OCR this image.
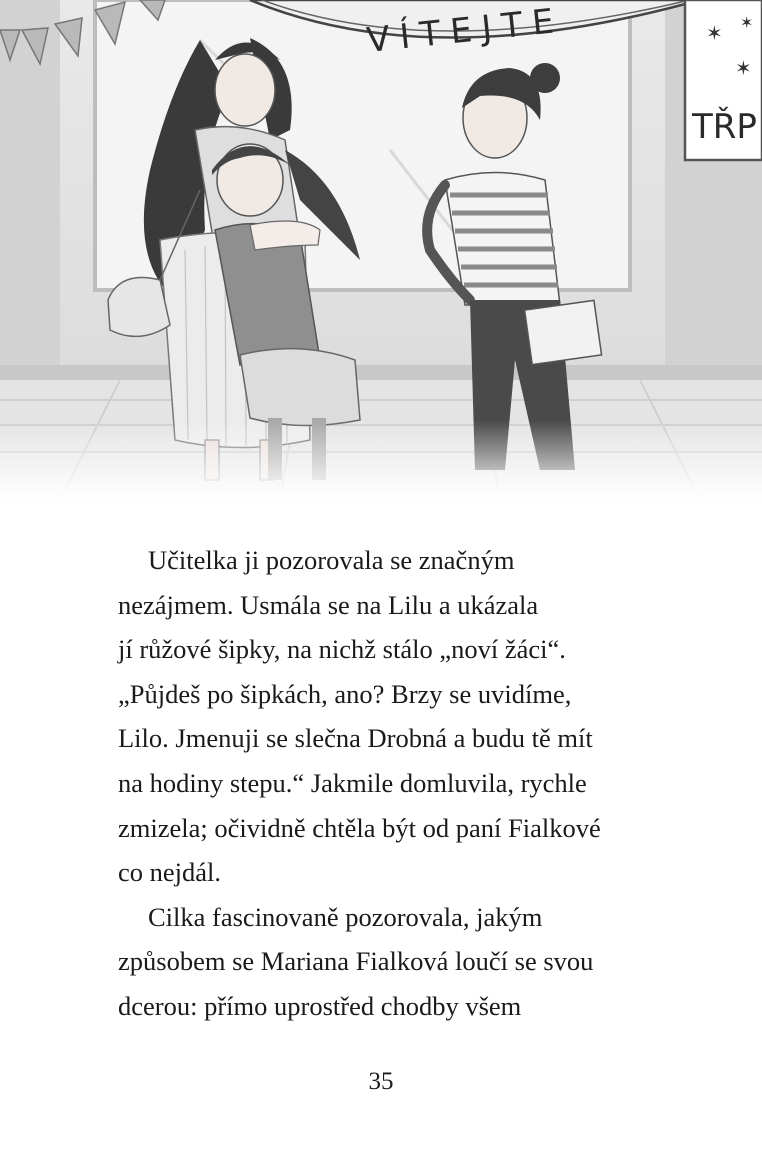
VÍTEJTE
TŘP
✶
✶
✶

Učitelka ji pozorovala se značným
nezájmem. Usmála se na Lilu a ukázala
jí růžové šipky, na nichž stálo „noví žáci“.
„Půjdeš po šipkách, ano? Brzy se uvidíme,
Lilo. Jmenuji se slečna Drobná a budu tě mít
na hodiny stepu.“ Jakmile domluvila, rychle
zmizela; očividně chtěla být od paní Fialkové
co nejdál.

Cilka fascinovaně pozorovala, jakým
způsobem se Mariana Fialková loučí se svou
dcerou: přímo uprostřed chodby všem

35
